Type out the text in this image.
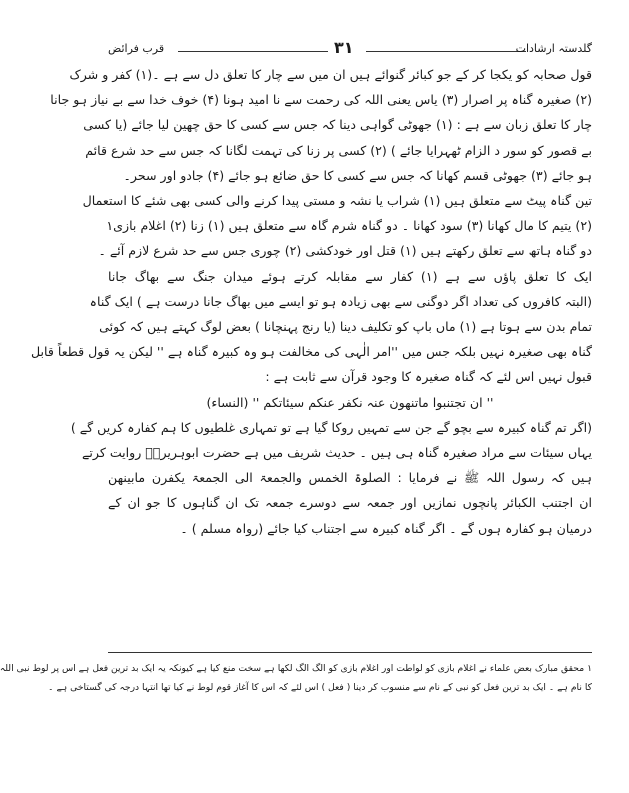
قرب فرائض	۳۱	گلدستہ ارشادات
قول صحابہ کو یکجا کر کے جو کبائر گنوائے ہیں ان میں سے چار کا تعلق دل سے ہے ۔(۱) کفر و شرک
(۲) صغیرہ گناہ پر اصرار (۳) یاس یعنی اللہ کی رحمت سے نا امید ہونا (۴) خوف خدا سے بے نیاز ہو جانا
چار کا تعلق زبان سے ہے : (۱) جھوٹی گواہی دینا کہ جس سے کسی کا حق چھین لیا جائے (یا کسی
بے قصور کو سور د الزام ٹھہرایا جائے ) (۲) کسی پر زنا کی تہمت لگانا کہ جس سے حد شرع قائم
ہو جائے (۳) جھوٹی قسم کھانا کہ جس سے کسی کا حق ضائع ہو جائے (۴) جادو اور سحر۔
تین گناہ پیٹ سے متعلق ہیں (۱) شراب یا نشہ و مستی پیدا کرنے والی کسی بھی شئے کا استعمال
(۲) یتیم کا مال کھانا (۳) سود کھانا ۔ دو گناہ شرم گاہ سے متعلق ہیں (۱) زنا (۲) اغلام بازی۱
دو گناہ ہاتھ سے تعلق رکھتے ہیں (۱) قتل اور خودکشی (۲) چوری جس سے حد شرع لازم آئے ۔
ایک کا تعلق پاؤں سے ہے (۱) کفار سے مقابلہ کرتے ہوئے میدان جنگ سے بھاگ جانا
(البتہ کافروں کی تعداد اگر دوگنی سے بھی زیادہ ہو تو ایسے میں بھاگ جانا درست ہے ) ایک گناہ
تمام بدن سے ہوتا ہے (۱) ماں باپ کو تکلیف دینا (یا رنج پہنچانا ) بعض لوگ کہتے ہیں کہ کوئی
گناہ بھی صغیرہ نہیں بلکہ جس میں ''امر الٰہی کی مخالفت ہو وہ کبیرہ گناہ ہے '' لیکن یہ قول قطعاً قابل
قبول نہیں اس لئے کہ گناہ صغیرہ کا وجود قرآن سے ثابت ہے :
'' ان تجتنبوا ماتنھون عنہ نکفر عنکم سیئاتکم '' (النساء)
(اگر تم گناہ کبیرہ سے بچو گے جن سے تمہیں روکا گیا ہے تو تمہاری غلطیوں کا ہم کفارہ کریں گے )
یہاں سیئات سے مراد صغیرہ گناہ ہی ہیں ۔ حدیث شریف میں ہے حضرت ابوہریرہؓ روایت کرتے
ہیں کہ رسول اللہ ﷺ نے فرمایا : الصلوۃ الخمس والجمعۃ الی الجمعۃ یکفرن مابینھن
ان اجتنب الکبائر پانچوں نمازیں اور جمعہ سے دوسرے جمعہ تک ان گناہوں کا جو ان کے
درمیان ہو کفارہ ہوں گے ۔ اگر گناہ کبیرہ سے اجتناب کیا جائے (رواہ مسلم ) ۔
۱ محقق مبارک بعض علماء نے اغلام بازی کو لواطت اور اغلام بازی کو الگ الگ لکھا ہے سخت منع کیا ہے کیونکہ یہ ایک بد ترین فعل ہے اس پر لوط نبی اللہ
کا نام ہے ۔ ایک بد ترین فعل کو نبی کے نام سے منسوب کر دینا ( فعل ) اس لئے کہ اس کا آغاز قوم لوط نے کیا تھا انتہا درجہ کی گستاخی ہے ۔
